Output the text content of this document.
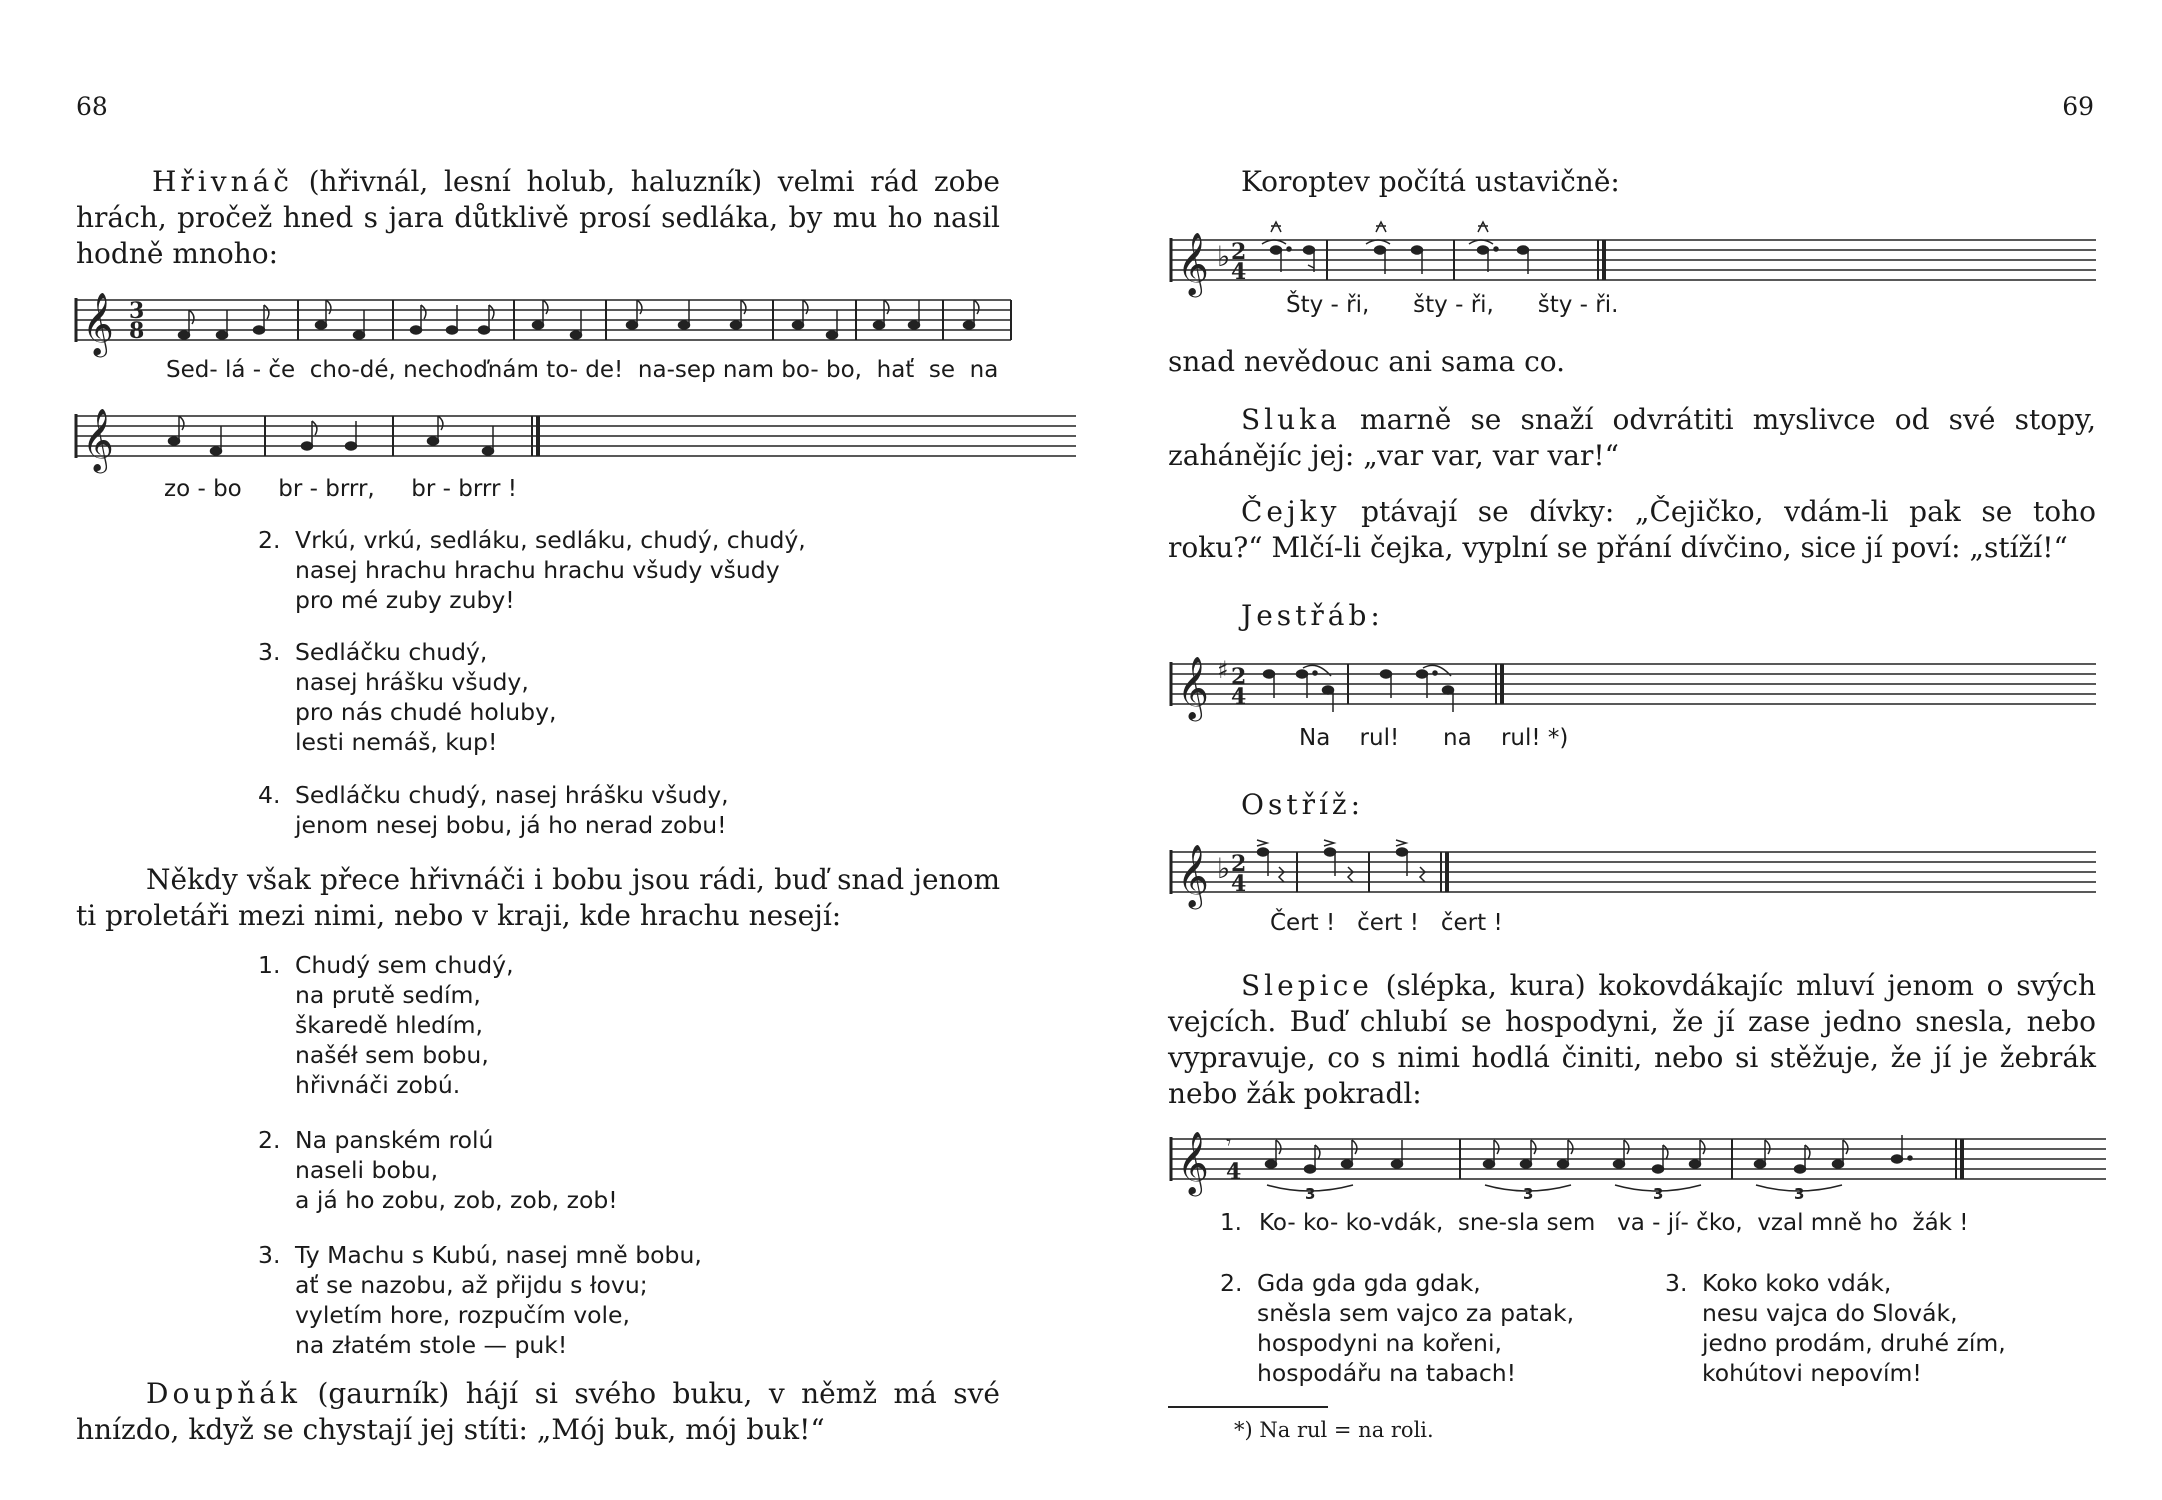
68

Hřivnáč (hřivnál, lesní holub, haluzník) velmi rád zobe hrách, pročež hned s jara důtklivě prosí sedláka, by mu ho nasil hodně mnoho:

𝄞 3
8
Sed- lá - če  cho-dé, nechoďnám to- de!  na-sep nam bo- bo,  hať  se  na
𝄞
zo - bo     br - brrr,     br - brrr !
2. Vrkú, vrkú, sedláku, sedláku, chudý, chudý,
nasej hrachu hrachu hrachu všudy všudy
pro mé zuby zuby!
3. Sedláčku chudý,
nasej hrášku všudy,
pro nás chudé holuby,
lesti nemáš, kup!
4. Sedláčku chudý, nasej hrášku všudy,
jenom nesej bobu, já ho nerad zobu!

Někdy však přece hřivnáči i bobu jsou rádi, buď snad jenom ti proletáři mezi nimi, nebo v kraji, kde hrachu nesejí:

1. Chudý sem chudý,
na prutě sedím,
škaredě hledím,
našéł sem bobu,
hřivnáči zobú.
2. Na panském rolú
naseli bobu,
a já ho zobu, zob, zob, zob!
3. Ty Machu s Kubú, nasej mně bobu,
ať se nazobu, až přijdu s łovu;
vyletím hore, rozpučím vole,
na złatém stole — puk!

Doupňák (gaurník) hájí si svého buku, v němž má své hnízdo, když se chystají jej stíti: „Mój buk, mój buk!“

69
Koroptev počítá ustavičně:
𝄞 ♭ 2
4
Šty - ři,      šty - ři,      šty - ři.
snad nevědouc ani sama co.

Sluka marně se snaží odvrátiti myslivce od své stopy, zahánějíc jej: „var var, var var!“

Čejky ptávají se dívky: „Čejičko, vdám-li pak se toho roku?“ Mlčí-li čejka, vyplní se přání dívčino, sice jí poví: „stíží!“

Jestřáb:
𝄞 ♯ 2
4
Na    rul!      na    rul! *)
Ostříž:
𝄞 ♭ 2
4
Čert !   čert !   čert !

Slepice (slépka, kura) kokovdákajíc mluví jenom o svých vejcích. Buď chlubí se hospodyni, že jí zase jedno snesla, nebo vypravuje, co s nimi hodlá činiti, nebo si stěžuje, že jí je žebrák nebo žák pokradl:

𝄞 𝄾
4
3	3	3	3
1. Ko- ko- ko-vdák,  sne-sla sem   va - jí- čko,  vzal mně ho  žák !
2. Gda gda gda gdak,
sněsla sem vajco za patak,
hospodyni na kořeni,
hospodářu na tabach!
3. Koko koko vdák,
nesu vajca do Slovák,
jedno prodám, druhé zím,
kohútovi nepovím!
*) Na rul = na roli.
